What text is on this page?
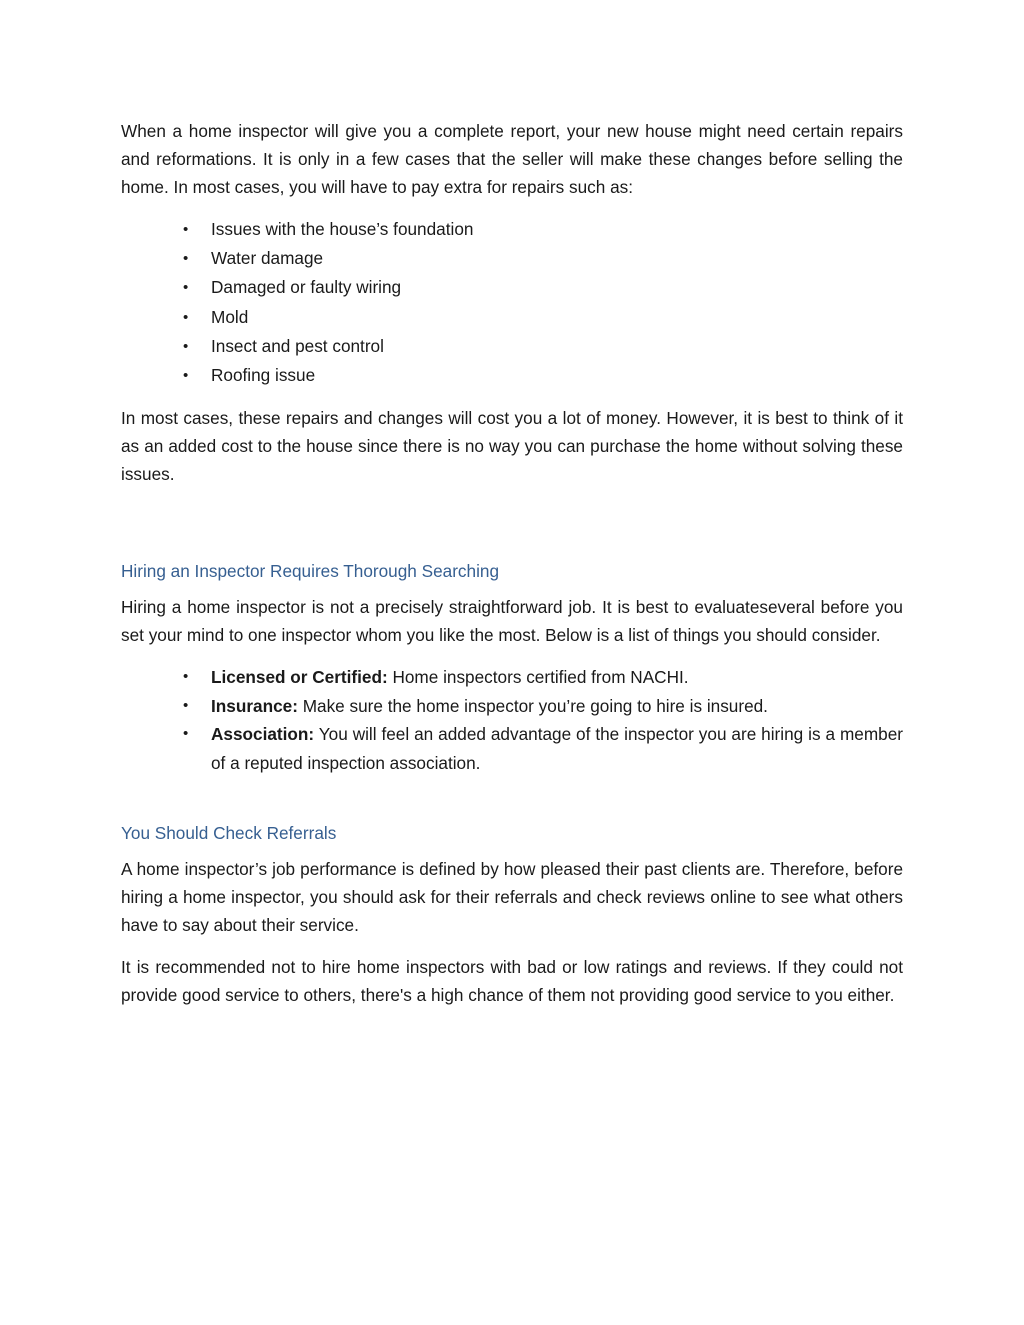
When a home inspector will give you a complete report, your new house might need certain repairs and reformations. It is only in a few cases that the seller will make these changes before selling the home. In most cases, you will have to pay extra for repairs such as:

• Issues with the house’s foundation
• Water damage
• Damaged or faulty wiring
• Mold
• Insect and pest control
• Roofing issue

In most cases, these repairs and changes will cost you a lot of money. However, it is best to think of it as an added cost to the house since there is no way you can purchase the home without solving these issues.

Hiring an Inspector Requires Thorough Searching

Hiring a home inspector is not a precisely straightforward job. It is best to evaluateseveral before you set your mind to one inspector whom you like the most. Below is a list of things you should consider.

• Licensed or Certified: Home inspectors certified from NACHI.
• Insurance: Make sure the home inspector you’re going to hire is insured.
• Association: You will feel an added advantage of the inspector you are hiring is a member of a reputed inspection association.
You Should Check Referrals

A home inspector’s job performance is defined by how pleased their past clients are. Therefore, before hiring a home inspector, you should ask for their referrals and check reviews online to see what others have to say about their service.

It is recommended not to hire home inspectors with bad or low ratings and reviews. If they could not provide good service to others, there's a high chance of them not providing good service to you either.
